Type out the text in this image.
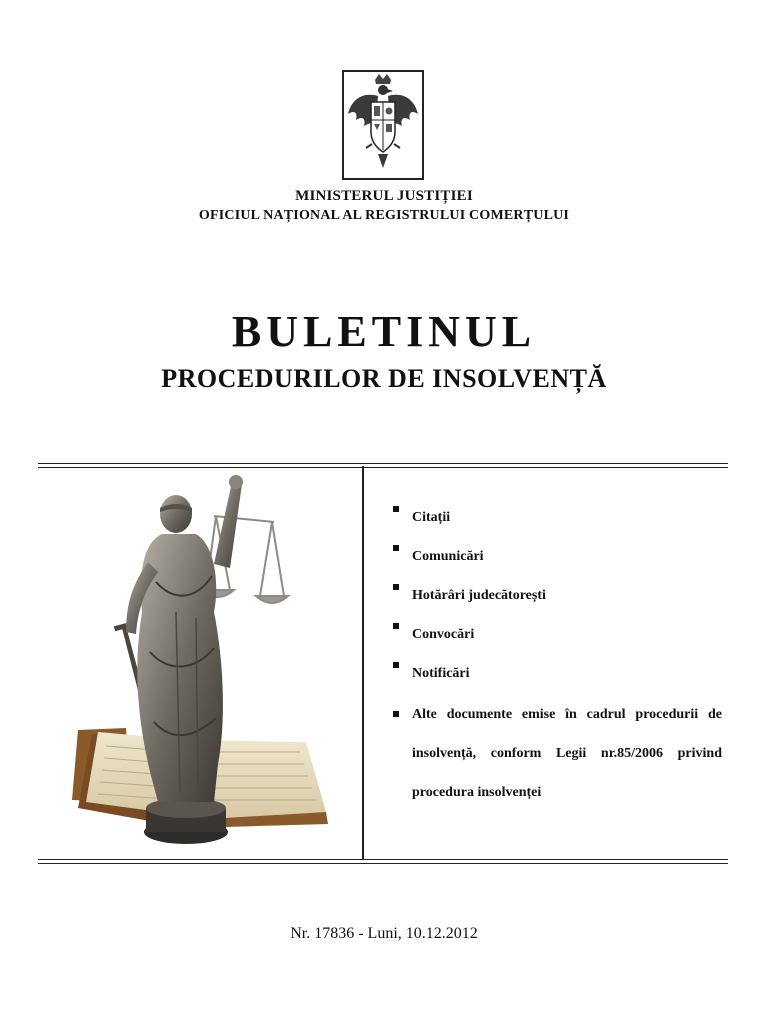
MINISTERUL JUSTIȚIEI
OFICIUL NAȚIONAL AL REGISTRULUI COMERȚULUI
BULETINUL
PROCEDURILOR DE INSOLVENȚĂ
Citații
Comunicări
Hotărâri judecătorești
Convocări
Notificări
Alte documente emise în cadrul procedurii de insolvență, conform Legii nr.85/2006 privind procedura insolvenței
Nr. 17836 - Luni, 10.12.2012
